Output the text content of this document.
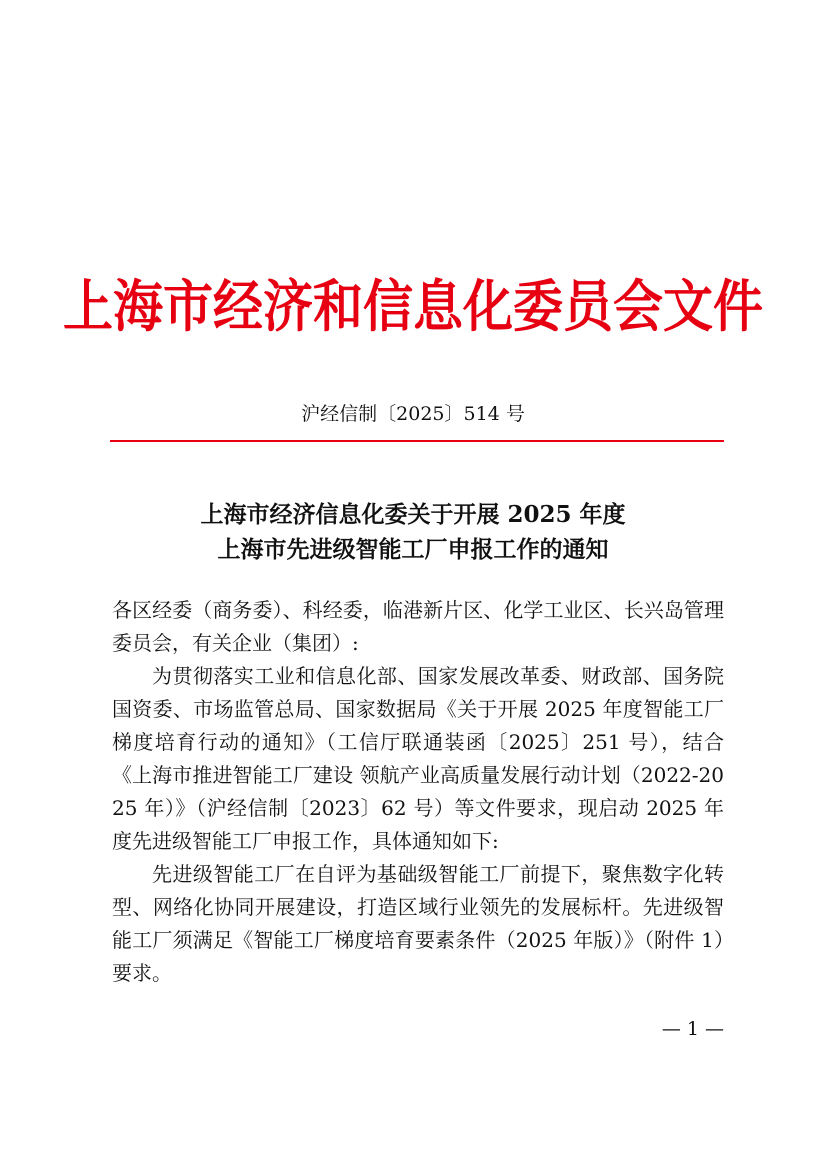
上海市经济和信息化委员会文件
沪经信制〔2025〕514 号
上海市经济信息化委关于开展 2025 年度
上海市先进级智能工厂申报工作的通知

各区经委（商务委）、科经委，临港新片区、化学工业区、长兴岛管理委员会，有关企业（集团）:

为贯彻落实工业和信息化部、国家发展改革委、财政部、国务院国资委、市场监管总局、国家数据局《关于开展 2025 年度智能工厂梯度培育行动的通知》（工信厅联通装函〔2025〕251 号），结合《上海市推进智能工厂建设 领航产业高质量发展行动计划（2022-2025 年）》（沪经信制〔2023〕62 号）等文件要求，现启动 2025 年度先进级智能工厂申报工作，具体通知如下:

先进级智能工厂在自评为基础级智能工厂前提下，聚焦数字化转型、网络化协同开展建设，打造区域行业领先的发展标杆。先进级智能工厂须满足《智能工厂梯度培育要素条件（2025 年版）》（附件 1）要求。

— 1 —
